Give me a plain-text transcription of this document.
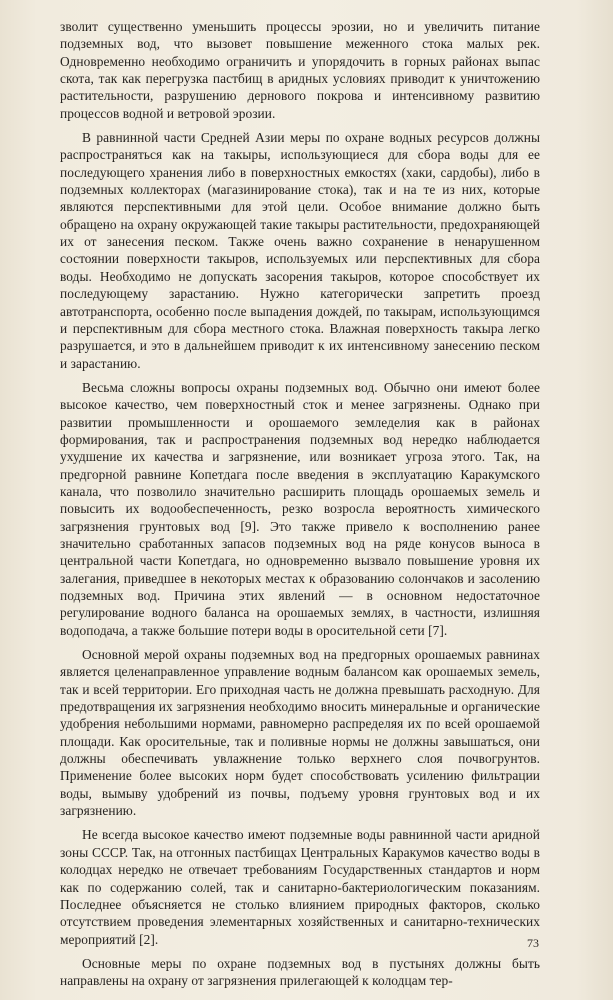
зволит существенно уменьшить процессы эрозии, но и увеличить питание подземных вод, что вызовет повышение меженного стока малых рек. Одновременно необходимо ограничить и упорядочить в горных районах выпас скота, так как перегрузка пастбищ в аридных условиях приводит к уничтожению растительности, разрушению дернового покрова и интенсивному развитию процессов водной и ветровой эрозии.

В равнинной части Средней Азии меры по охране водных ресурсов должны распространяться как на такыры, использующиеся для сбора воды для ее последующего хранения либо в поверхностных емкостях (хаки, сардобы), либо в подземных коллекторах (магазинирование стока), так и на те из них, которые являются перспективными для этой цели. Особое внимание должно быть обращено на охрану окружающей такие такыры растительности, предохраняющей их от занесения песком. Также очень важно сохранение в ненарушенном состоянии поверхности такыров, используемых или перспективных для сбора воды. Необходимо не допускать засорения такыров, которое способствует их последующему зарастанию. Нужно категорически запретить проезд автотранспорта, особенно после выпадения дождей, по такырам, использующимся и перспективным для сбора местного стока. Влажная поверхность такыра легко разрушается, и это в дальнейшем приводит к их интенсивному занесению песком и зарастанию.

Весьма сложны вопросы охраны подземных вод. Обычно они имеют более высокое качество, чем поверхностный сток и менее загрязнены. Однако при развитии промышленности и орошаемого земледелия как в районах формирования, так и распространения подземных вод нередко наблюдается ухудшение их качества и загрязнение, или возникает угроза этого. Так, на предгорной равнине Копетдага после введения в эксплуатацию Каракумского канала, что позволило значительно расширить площадь орошаемых земель и повысить их водообеспеченность, резко возросла вероятность химического загрязнения грунтовых вод [9]. Это также привело к восполнению ранее значительно сработанных запасов подземных вод на ряде конусов выноса в центральной части Копетдага, но одновременно вызвало повышение уровня их залегания, приведшее в некоторых местах к образованию солончаков и засолению подземных вод. Причина этих явлений — в основном недостаточное регулирование водного баланса на орошаемых землях, в частности, излишняя водоподача, а также большие потери воды в оросительной сети [7].

Основной мерой охраны подземных вод на предгорных орошаемых равнинах является целенаправленное управление водным балансом как орошаемых земель, так и всей территории. Его приходная часть не должна превышать расходную. Для предотвращения их загрязнения необходимо вносить минеральные и органические удобрения небольшими нормами, равномерно распределяя их по всей орошаемой площади. Как оросительные, так и поливные нормы не должны завышаться, они должны обеспечивать увлажнение только верхнего слоя почвогрунтов. Применение более высоких норм будет способствовать усилению фильтрации воды, вымыву удобрений из почвы, подъему уровня грунтовых вод и их загрязнению.

Не всегда высокое качество имеют подземные воды равнинной части аридной зоны СССР. Так, на отгонных пастбищах Центральных Каракумов качество воды в колодцах нередко не отвечает требованиям Государственных стандартов и норм как по содержанию солей, так и санитарно-бактериологическим показаниям. Последнее объясняется не столько влиянием природных факторов, сколько отсутствием проведения элементарных хозяйственных и санитарно-технических мероприятий [2].

Основные меры по охране подземных вод в пустынях должны быть направлены на охрану от загрязнения прилегающей к колодцам тер-

73
